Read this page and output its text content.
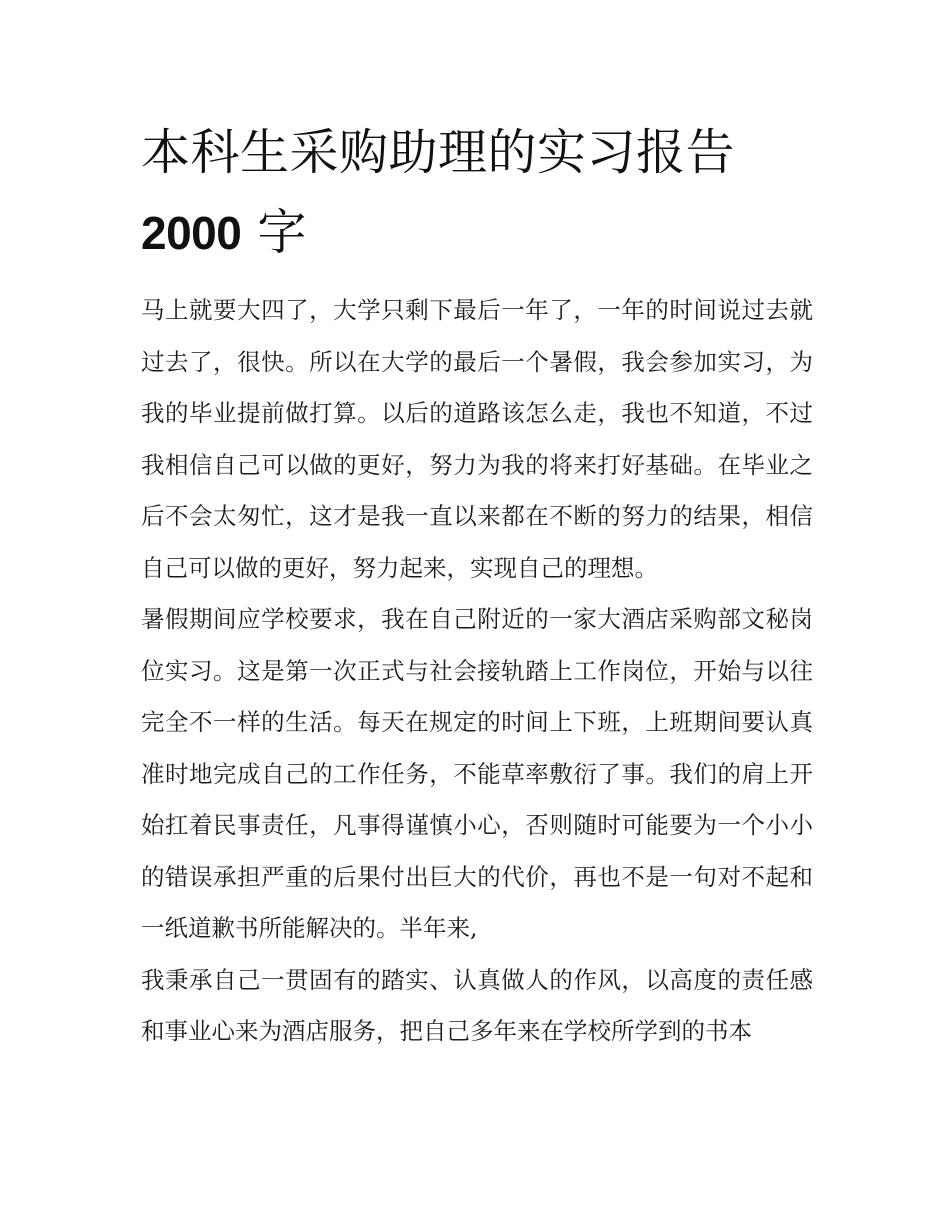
本科生采购助理的实习报告
2000 字

马上就要大四了，大学只剩下最后一年了，一年的时间说过去就过去了，很快。所以在大学的最后一个暑假，我会参加实习，为我的毕业提前做打算。以后的道路该怎么走，我也不知道，不过我相信自己可以做的更好，努力为我的将来打好基础。在毕业之后不会太匆忙，这才是我一直以来都在不断的努力的结果，相信自己可以做的更好，努力起来，实现自己的理想。

暑假期间应学校要求，我在自己附近的一家大酒店采购部文秘岗位实习。这是第一次正式与社会接轨踏上工作岗位，开始与以往完全不一样的生活。每天在规定的时间上下班，上班期间要认真准时地完成自己的工作任务，不能草率敷衍了事。我们的肩上开始扛着民事责任，凡事得谨慎小心，否则随时可能要为一个小小的错误承担严重的后果付出巨大的代价，再也不是一句对不起和一纸道歉书所能解决的。半年来,

我秉承自己一贯固有的踏实、认真做人的作风，以高度的责任感和事业心来为酒店服务，把自己多年来在学校所学到的书本
